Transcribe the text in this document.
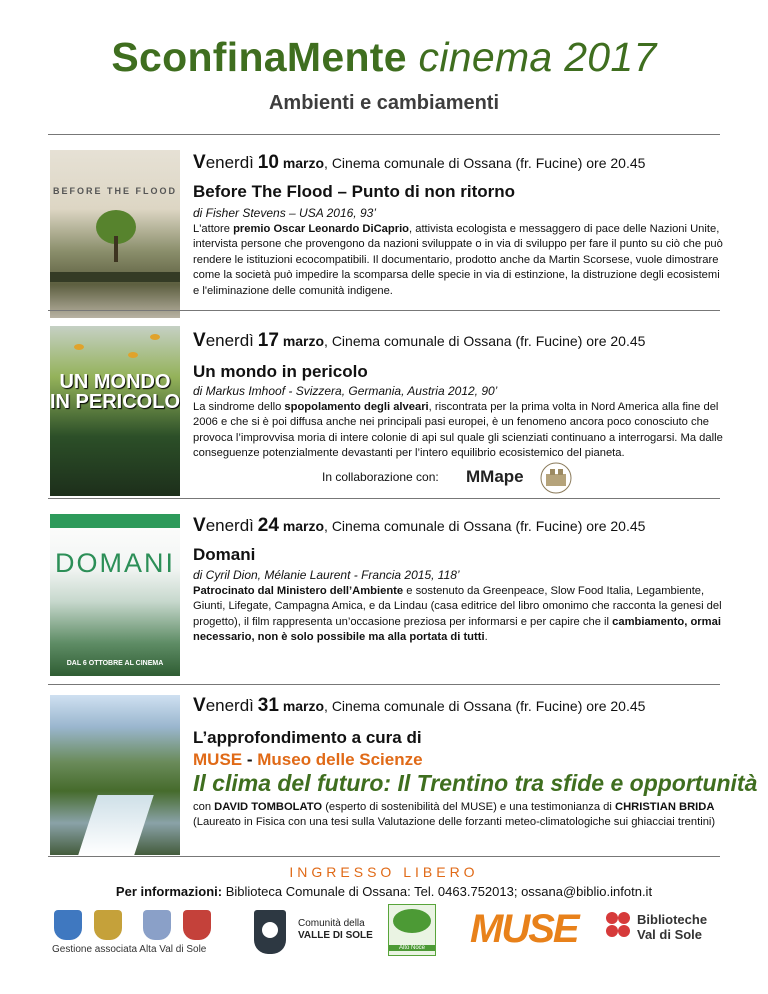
SconfinaMente cinema 2017
Ambienti e cambiamenti
BEFORE THE FLOOD
Venerdì 10 marzo, Cinema comunale di Ossana (fr. Fucine) ore 20.45
Before The Flood – Punto di non ritorno
di Fisher Stevens – USA 2016, 93’
L'attore premio Oscar Leonardo DiCaprio, attivista ecologista e messaggero di pace delle Nazioni Unite, intervista persone che provengono da nazioni sviluppate o in via di sviluppo per fare il punto su ciò che può rendere le istituzioni ecocompatibili. Il documentario, prodotto anche da Martin Scorsese, vuole dimostrare come la società può impedire la scomparsa delle specie in via di estinzione, la distruzione degli ecosistemi e l'eliminazione delle comunità indigene.
UN MONDO IN PERICOLO
Venerdì 17 marzo, Cinema comunale di Ossana (fr. Fucine) ore 20.45
Un mondo in pericolo
di Markus Imhoof - Svizzera, Germania, Austria 2012, 90’
La sindrome dello spopolamento degli alveari, riscontrata per la prima volta in Nord America alla fine del 2006 e che si è poi diffusa anche nei principali pasi europei, è un fenomeno ancora poco conosciuto che provoca l’improvvisa moria di intere colonie di api sul quale gli scienziati continuano a interrogarsi. Ma dalle conseguenze potenzialmente devastanti per l’intero equilibrio ecosistemico del pianeta.
In collaborazione con: MMape
DOMANI
DAL 6 OTTOBRE AL CINEMA
Venerdì 24 marzo, Cinema comunale di Ossana (fr. Fucine) ore 20.45
Domani
di Cyril Dion, Mélanie Laurent - Francia 2015, 118’
Patrocinato dal Ministero dell’Ambiente e sostenuto da Greenpeace, Slow Food Italia, Legambiente, Giunti, Lifegate, Campagna Amica, e da Lindau (casa editrice del libro omonimo che racconta la genesi del progetto), il film rappresenta un’occasione preziosa per informarsi e per capire che il cambiamento, ormai necessario, non è solo possibile ma alla portata di tutti.
Venerdì 31 marzo, Cinema comunale di Ossana (fr. Fucine) ore 20.45
L’approfondimento a cura di
MUSE - Museo delle Scienze
Il clima del futuro: Il Trentino tra sfide e opportunità
con DAVID TOMBOLATO (esperto di sostenibilità del MUSE) e una testimonianza di CHRISTIAN BRIDA (Laureato in Fisica con una tesi sulla Valutazione delle forzanti meteo-climatologiche sui ghiacciai trentini)
INGRESSO LIBERO
Per informazioni: Biblioteca Comunale di Ossana: Tel. 0463.752013; ossana@biblio.infotn.it
Gestione associata Alta Val di Sole
Comunità della
VALLE DI SOLE
Alto Noce MUSE	Biblioteche
Val di Sole
